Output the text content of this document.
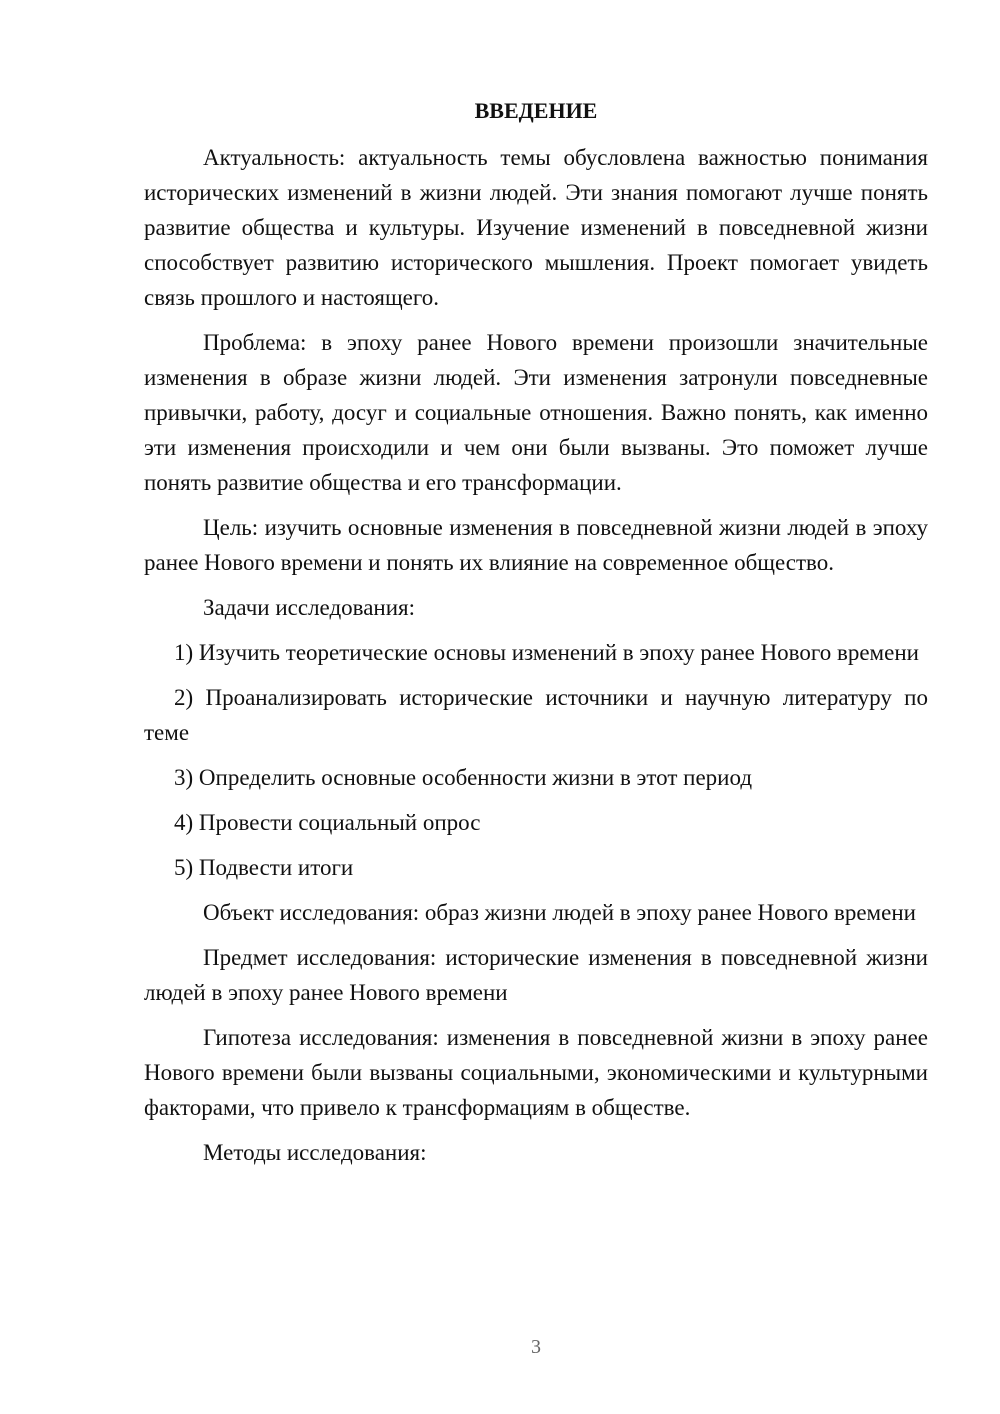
ВВЕДЕНИЕ

Актуальность: актуальность темы обусловлена важностью понимания исторических изменений в жизни людей. Эти знания помогают лучше понять развитие общества и культуры. Изучение изменений в повседневной жизни способствует развитию исторического мышления. Проект помогает увидеть связь прошлого и настоящего.

Проблема: в эпоху ранее Нового времени произошли значительные изменения в образе жизни людей. Эти изменения затронули повседневные привычки, работу, досуг и социальные отношения. Важно понять, как именно эти изменения происходили и чем они были вызваны. Это поможет лучше понять развитие общества и его трансформации.

Цель: изучить основные изменения в повседневной жизни людей в эпоху ранее Нового времени и понять их влияние на современное общество.

Задачи исследования:

1) Изучить теоретические основы изменений в эпоху ранее Нового времени

2) Проанализировать исторические источники и научную литературу по теме

3) Определить основные особенности жизни в этот период

4) Провести социальный опрос

5) Подвести итоги

Объект исследования: образ жизни людей в эпоху ранее Нового времени

Предмет исследования: исторические изменения в повседневной жизни людей в эпоху ранее Нового времени

Гипотеза исследования: изменения в повседневной жизни в эпоху ранее Нового времени были вызваны социальными, экономическими и культурными факторами, что привело к трансформациям в обществе.

Методы исследования:

3
